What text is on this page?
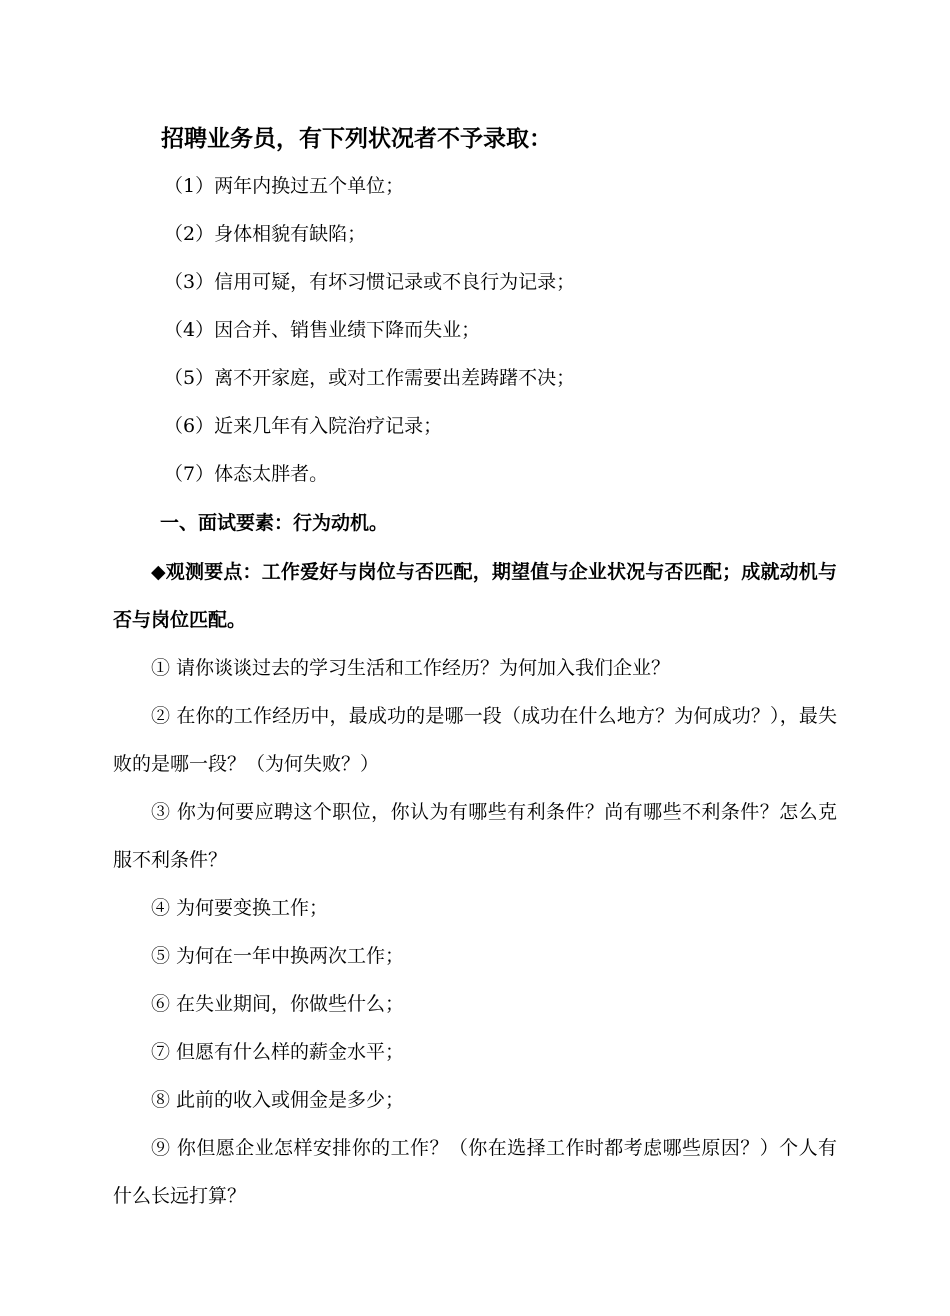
招聘业务员，有下列状况者不予录取：
（1）两年内换过五个单位；
（2）身体相貌有缺陷；
（3）信用可疑，有坏习惯记录或不良行为记录；
（4）因合并、销售业绩下降而失业；
（5）离不开家庭，或对工作需要出差踌躇不决；
（6）近来几年有入院治疗记录；
（7）体态太胖者。
一、面试要素：行为动机。
◆观测要点：工作爱好与岗位与否匹配，期望值与企业状况与否匹配；成就动机与否与岗位匹配。
① 请你谈谈过去的学习生活和工作经历？为何加入我们企业？
② 在你的工作经历中，最成功的是哪一段（成功在什么地方？为何成功？），最失败的是哪一段？（为何失败？）
③ 你为何要应聘这个职位，你认为有哪些有利条件？尚有哪些不利条件？怎么克服不利条件？
④ 为何要变换工作；
⑤ 为何在一年中换两次工作；
⑥ 在失业期间，你做些什么；
⑦ 但愿有什么样的薪金水平；
⑧ 此前的收入或佣金是多少；
⑨ 你但愿企业怎样安排你的工作？（你在选择工作时都考虑哪些原因？）个人有什么长远打算？
